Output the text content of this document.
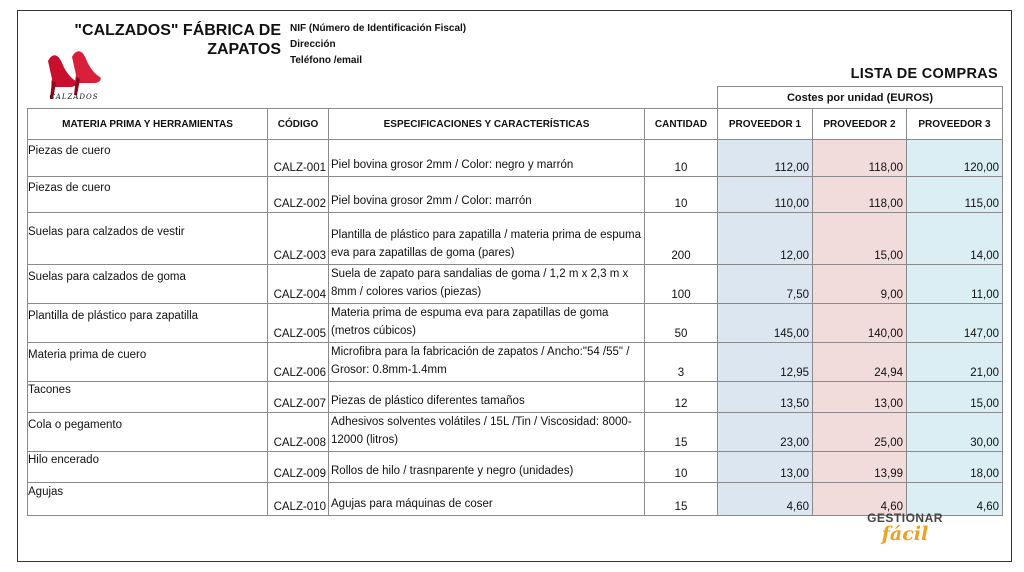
"CALZADOS" FÁBRICA DE
ZAPATOS
CALZADOS
NIF (Número de Identificación Fiscal)
Dirección
Teléfono /email
LISTA DE COMPRAS
				Costes por unidad (EUROS)		
MATERIA PRIMA Y HERRAMIENTAS	CÓDIGO	ESPECIFICACIONES Y CARACTERÍSTICAS	CANTIDAD	PROVEEDOR 1	PROVEEDOR 2	PROVEEDOR 3

Piezas de cuero	CALZ-001	Piel bovina grosor 2mm / Color: negro y marrón	10	112,00	118,00	120,00

Piezas de cuero	CALZ-002	Piel bovina grosor 2mm / Color: marrón	10	110,00	118,00	115,00

Suelas para calzados de vestir	CALZ-003	Plantilla de plástico para zapatilla / materia prima de espuma eva para zapatillas de goma (pares)	200	12,00	15,00	14,00

Suelas para calzados de goma	CALZ-004	Suela de zapato para sandalias de goma / 1,2 m x 2,3 m x 8mm / colores varios (piezas)	100	7,50	9,00	11,00

Plantilla de plástico para zapatilla	CALZ-005	Materia prima de espuma eva para zapatillas de goma (metros cúbicos)	50	145,00	140,00	147,00

Materia prima de cuero	CALZ-006	Microfibra para la fabricación de zapatos / Ancho:"54 /55" / Grosor: 0.8mm-1.4mm	3	12,95	24,94	21,00

Tacones	CALZ-007	Piezas de plástico diferentes tamaños	12	13,50	13,00	15,00

Cola o pegamento	CALZ-008	Adhesivos solventes volátiles / 15L /Tin / Viscosidad: 8000-12000 (litros)	15	23,00	25,00	30,00

Hilo encerado	CALZ-009	Rollos de hilo / trasnparente y negro (unidades)	10	13,00	13,99	18,00

Agujas	CALZ-010	Agujas para máquinas de coser	15	4,60	4,60	4,60
GESTIONAR
fácil
